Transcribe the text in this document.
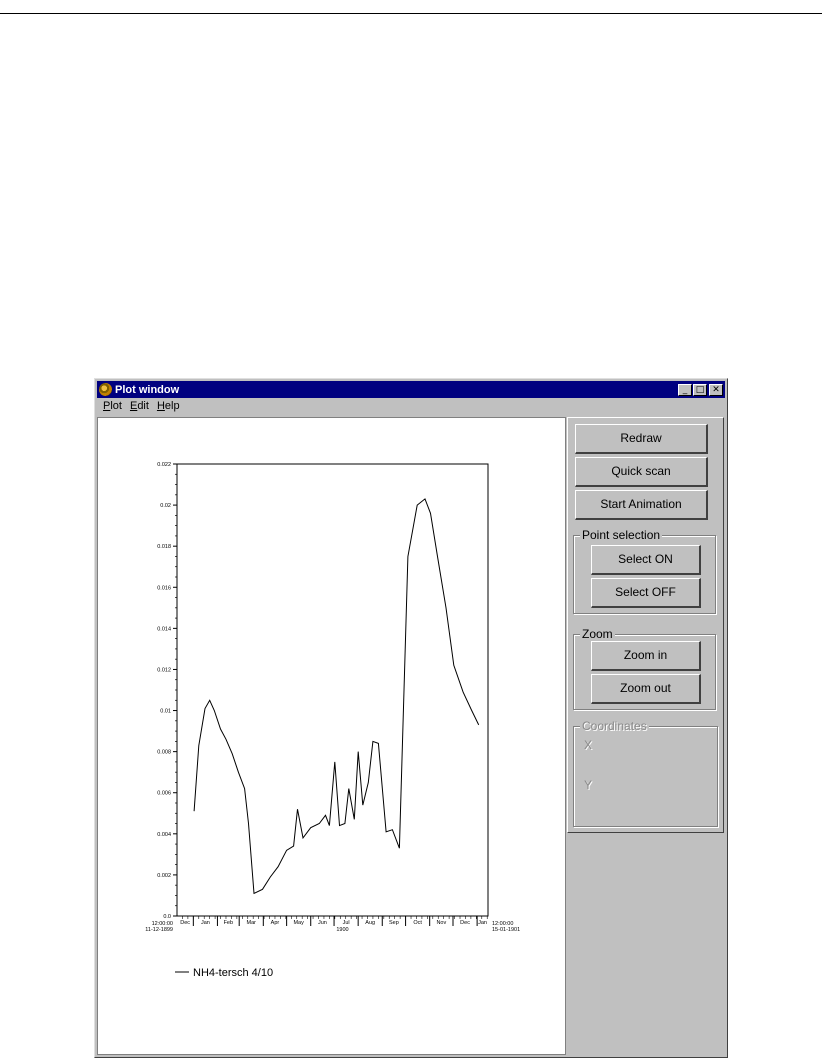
Plot window	_ □ ✕
Plot Edit Help
0.0
0.002
0.004
0.006
0.008
0.01
0.012
0.014
0.016
0.018
0.02
0.022
Dec Jan	Feb Mar	Apr	May	Jun	Jul	Aug	Sep	Oct	Nov	Dec Jan
12:00:00
11-12-1899
12:00:00
15-01-1901
1900
NH4-tersch 4/10
Redraw
Quick scan
Start Animation
Point selection
Select ON
Select OFF
Zoom
Zoom in
Zoom out
Coordinates
X
Y
